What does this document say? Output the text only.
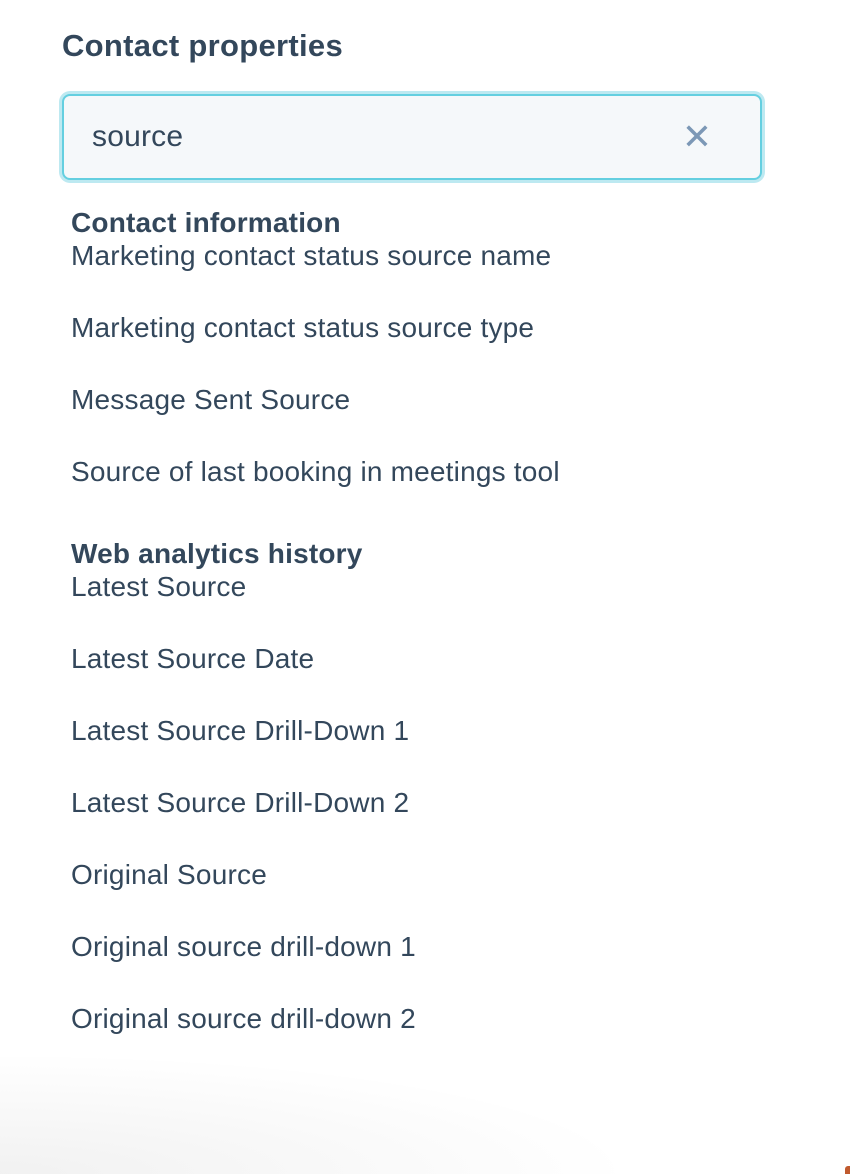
Contact properties
source
✕
Contact information
Marketing contact status source name
Marketing contact status source type
Message Sent Source
Source of last booking in meetings tool
Web analytics history
Latest Source
Latest Source Date
Latest Source Drill-Down 1
Latest Source Drill-Down 2
Original Source
Original source drill-down 1
Original source drill-down 2
